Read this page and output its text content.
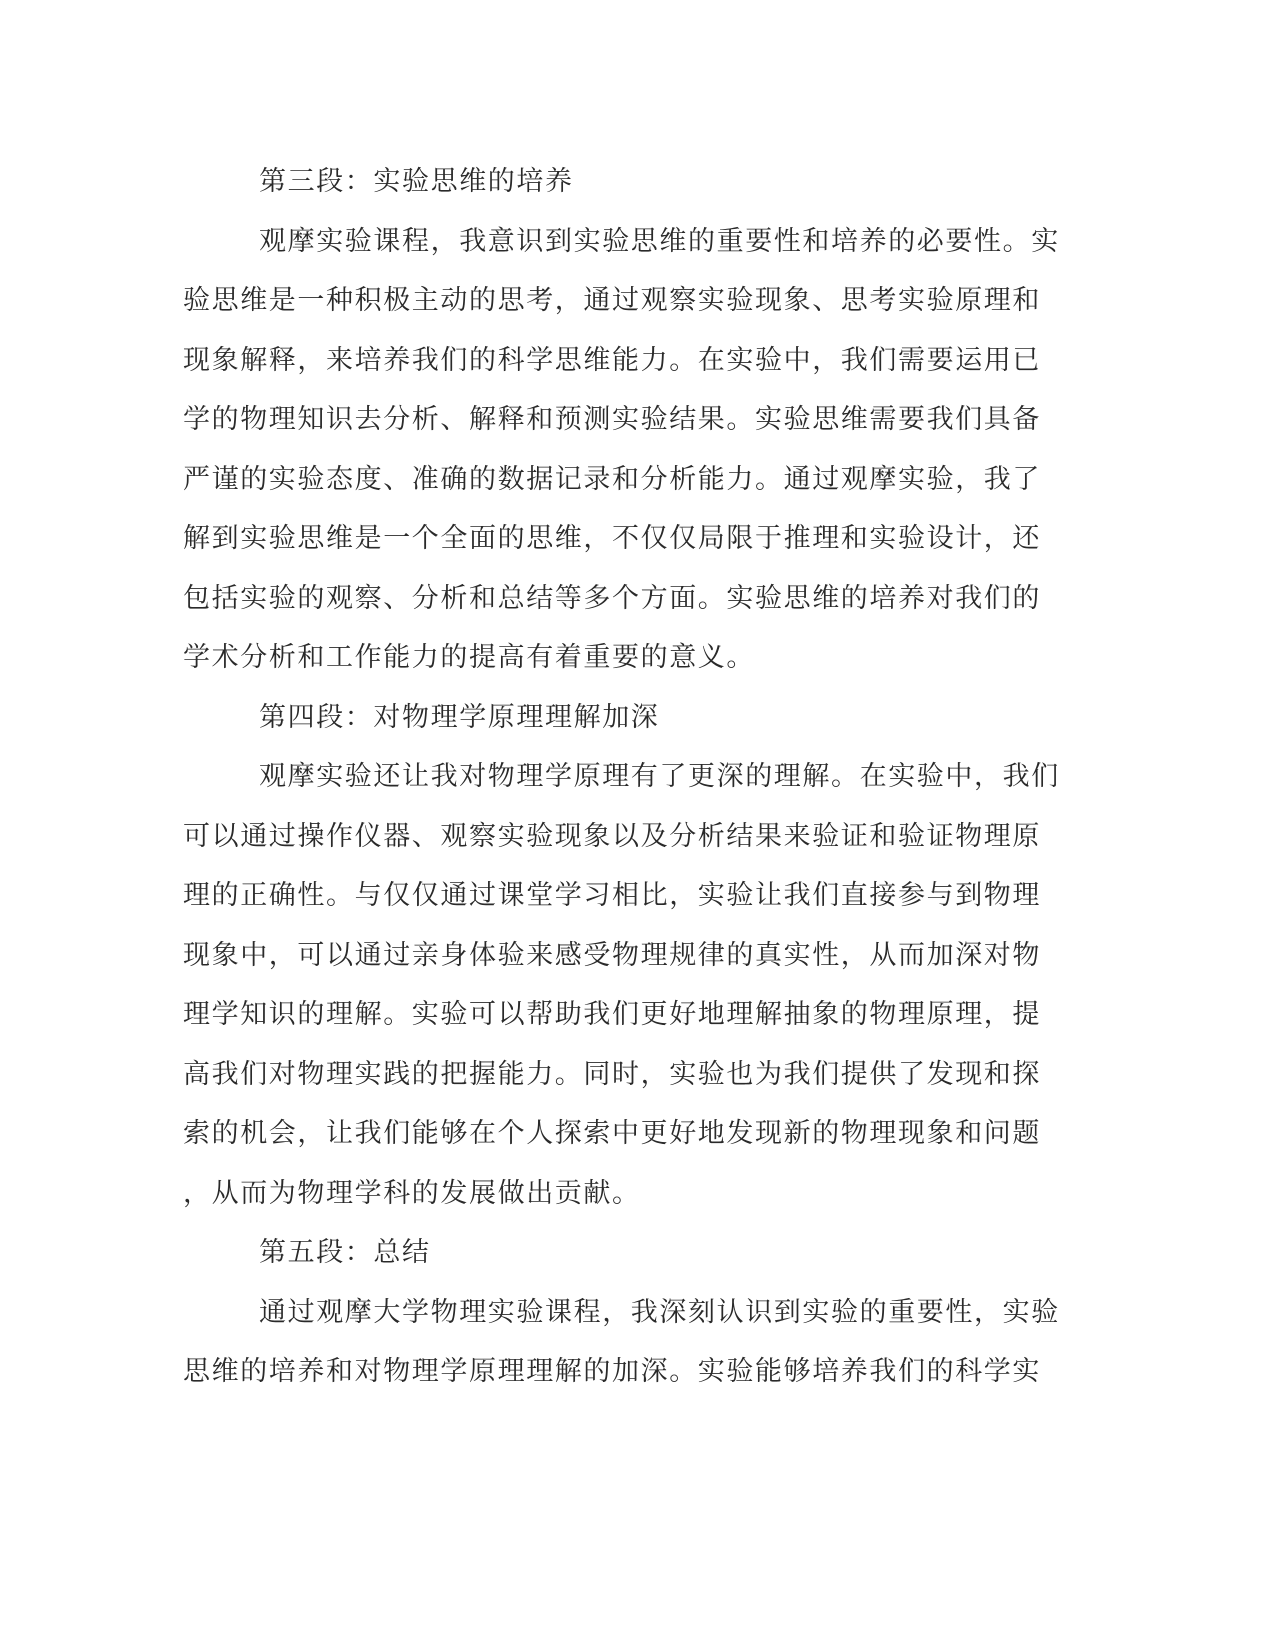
第三段：实验思维的培养
观摩实验课程，我意识到实验思维的重要性和培养的必要性。实
验思维是一种积极主动的思考，通过观察实验现象、思考实验原理和
现象解释，来培养我们的科学思维能力。在实验中，我们需要运用已
学的物理知识去分析、解释和预测实验结果。实验思维需要我们具备
严谨的实验态度、准确的数据记录和分析能力。通过观摩实验，我了
解到实验思维是一个全面的思维，不仅仅局限于推理和实验设计，还
包括实验的观察、分析和总结等多个方面。实验思维的培养对我们的
学术分析和工作能力的提高有着重要的意义。
第四段：对物理学原理理解加深
观摩实验还让我对物理学原理有了更深的理解。在实验中，我们
可以通过操作仪器、观察实验现象以及分析结果来验证和验证物理原
理的正确性。与仅仅通过课堂学习相比，实验让我们直接参与到物理
现象中，可以通过亲身体验来感受物理规律的真实性，从而加深对物
理学知识的理解。实验可以帮助我们更好地理解抽象的物理原理，提
高我们对物理实践的把握能力。同时，实验也为我们提供了发现和探
索的机会，让我们能够在个人探索中更好地发现新的物理现象和问题
，从而为物理学科的发展做出贡献。
第五段：总结
通过观摩大学物理实验课程，我深刻认识到实验的重要性，实验
思维的培养和对物理学原理理解的加深。实验能够培养我们的科学实
